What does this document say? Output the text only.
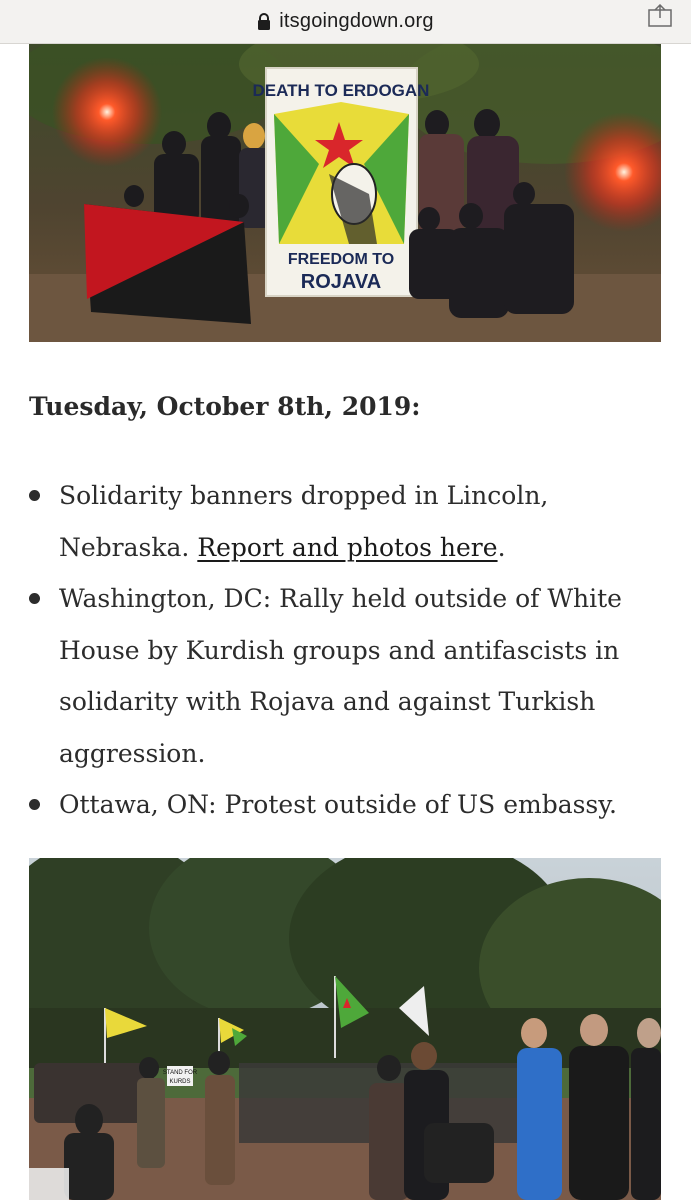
itsgoingdown.org
DEATH TO ERDOGAN
FREEDOM TO
ROJAVA
Tuesday, October 8th, 2019:
Solidarity banners dropped in Lincoln, Nebraska. Report and photos here.
Washington, DC: Rally held outside of White House by Kurdish groups and antifascists in solidarity with Rojava and against Turkish aggression.
Ottawa, ON: Protest outside of US embassy.
STAND FOR
KURDS
